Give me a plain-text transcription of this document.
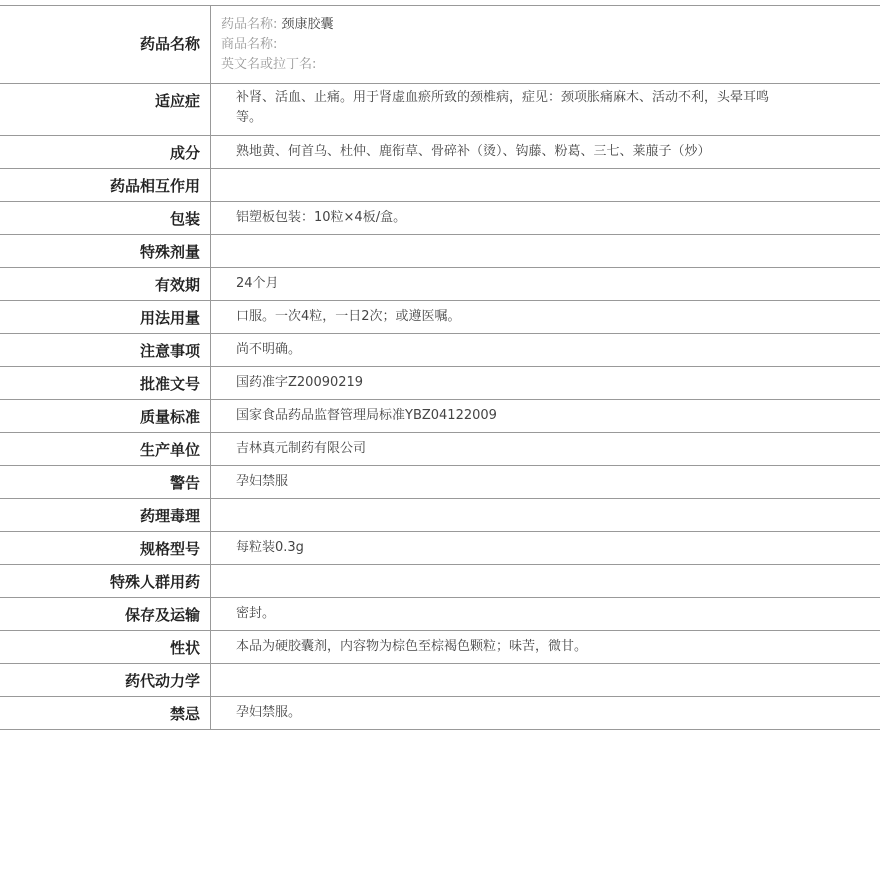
药品名称	药品名称: 颈康胶囊
商品名称:
英文名或拉丁名:

适应症	补肾、活血、止痛。用于肾虚血瘀所致的颈椎病，症见：颈项胀痛麻木、活动不利，头晕耳鸣等。
成分	熟地黄、何首乌、杜仲、鹿衔草、骨碎补（烫）、钩藤、粉葛、三七、莱菔子（炒）
药品相互作用	
包装	铝塑板包装：10粒×4板/盒。
特殊剂量	
有效期	24个月
用法用量	口服。一次4粒，一日2次；或遵医嘱。
注意事项	尚不明确。
批准文号	国药准字Z20090219
质量标准	国家食品药品监督管理局标准YBZ04122009
生产单位	吉林真元制药有限公司
警告	孕妇禁服
药理毒理	
规格型号	每粒装0.3g
特殊人群用药	
保存及运输	密封。
性状	本品为硬胶囊剂，内容物为棕色至棕褐色颗粒；味苦，微甘。
药代动力学	
禁忌	孕妇禁服。
